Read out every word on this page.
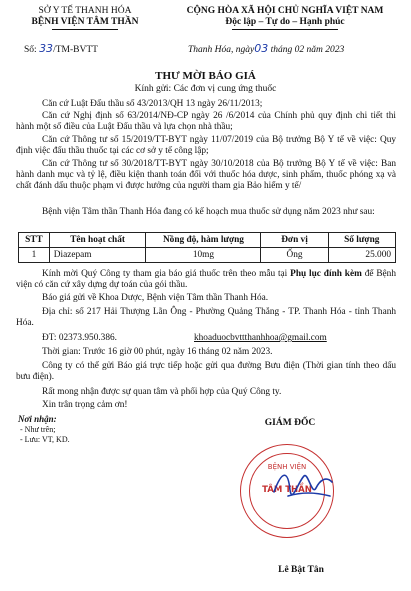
SỞ Y TẾ THANH HÓA
BỆNH VIỆN TÂM THẦN
Số: 33/TM-BVTT
CỘNG HÒA XÃ HỘI CHỦ NGHĨA VIỆT NAM
Độc lập – Tự do – Hạnh phúc
Thanh Hóa, ngày03 tháng 02 năm 2023
THƯ MỜI BÁO GIÁ
Kính gửi: Các đơn vị cung ứng thuốc
Căn cứ Luật Đấu thầu số 43/2013/QH 13 ngày 26/11/2013;
Căn cứ Nghị định số 63/2014/NĐ-CP ngày 26 /6/2014 của Chính phủ quy định chi tiết thi hành một số điều của Luật Đấu thầu và lựa chọn nhà thầu;
Căn cứ Thông tư số 15/2019/TT-BYT ngày 11/07/2019 của Bộ trưởng Bộ Y tế về việc: Quy định việc đấu thầu thuốc tại các cơ sở y tế công lập;
Căn cứ Thông tư số 30/2018/TT-BYT ngày 30/10/2018 của Bộ trưởng Bộ Y tế về việc: Ban hành danh mục và tỷ lệ, điều kiện thanh toán đối với thuốc hóa dược, sinh phẩm, thuốc phóng xạ và chất đánh dấu thuộc phạm vi được hưởng của người tham gia Bảo hiểm y tế/
Bệnh viện Tâm thần Thanh Hóa đang có kế hoạch mua thuốc sử dụng năm 2023 như sau:
STT	Tên hoạt chất	Nồng độ, hàm lượng	Đơn vị	Số lượng
1	Diazepam	10mg	Ống	25.000
Kính mời Quý Công ty tham gia báo giá thuốc trên theo mẫu tại Phụ lục đính kèm để Bệnh viện có căn cứ xây dựng dự toán của gói thầu.
Báo giá gửi về Khoa Dược, Bệnh viện Tâm thần Thanh Hóa.
Địa chỉ: số 217 Hải Thượng Lãn Ông - Phường Quảng Thắng - TP. Thanh Hóa - tỉnh Thanh Hóa.
ĐT: 02373.950.386.	khoaduocbvttthanhhoa@gmail.com
Thời gian: Trước 16 giờ 00 phút, ngày 16 tháng 02 năm 2023.
Công ty có thể gửi Báo giá trực tiếp hoặc gửi qua đường Bưu điện (Thời gian tính theo dấu bưu điện).
Rất mong nhận được sự quan tâm và phối hợp của Quý Công ty.
Xin trân trọng cảm ơn!
Nơi nhận:
- Như trên;
- Lưu: VT, KD.
GIÁM ĐỐC
BỆNH VIỆN
TÂM THẦN
Lê Bật Tân
